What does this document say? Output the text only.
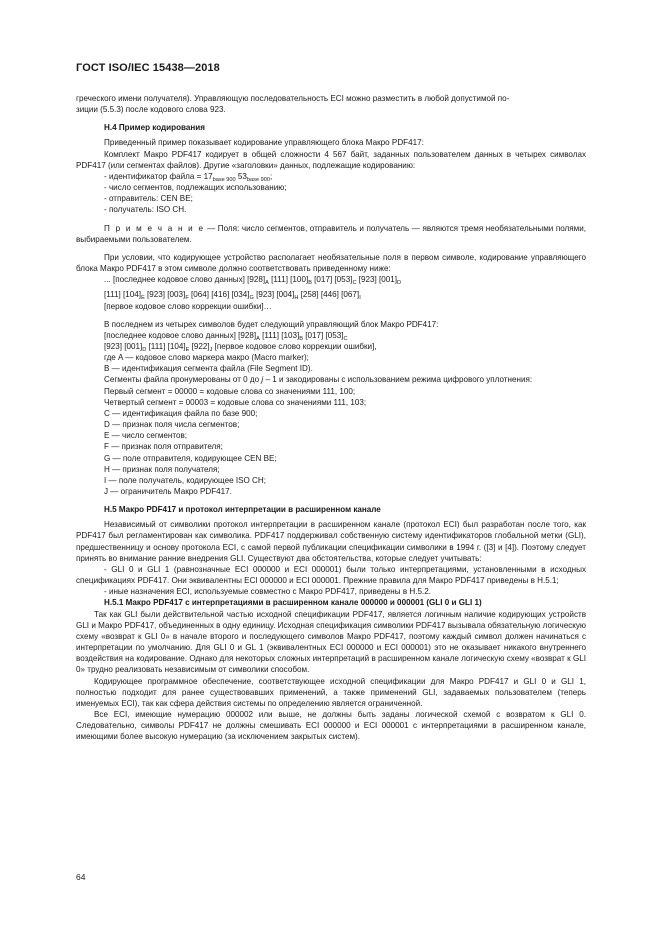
ГОСТ ISO/IEC 15438—2018

греческого имени получателя). Управляющую последовательность ECI можно разместить в любой допустимой по-

зиции (5.5.3) после кодового слова 923.

H.4 Пример кодирования

Приведенный пример показывает кодирование управляющего блока Макро PDF417:

Комплект Макро PDF417 кодирует в общей сложности 4 567 байт, заданных пользователем данных в четырех символах PDF417 (или сегментах файлов). Другие «заголовки» данных, подлежащие кодированию:

- идентификатор файла = $17_{base 900}$ $53_{base 900}$;

- число сегментов, подлежащих использованию;

- отправитель: CEN BE;

- получатель: ISO CH.

П р и м е ч а н и е — Поля: число сегментов, отправитель и получатель — являются тремя необязательными полями, выбираемыми пользователем.

При условии, что кодирующее устройство располагает необязательные поля в первом символе, кодирование управляющего блока Макро PDF417 в этом символе должно соответствовать приведенному ниже:

... [последнее кодовое слово данных] $[928]_A$ [111] $[100]_B$ [017] $[053]_C$ [923] $[001]_D$

[111] $[104]_E$ [923] $[003]_F$ [064] [416] $[034]_G$ [923] $[004]_H$ [258] [446] $[067]_I$

[первое кодовое слово коррекции ошибки]…

В последнем из четырех символов будет следующий управляющий блок Макро PDF417:

[последнее кодовое слово данных] $[928]_A$ [111] $[103]_B$ [017] $[053]_C$

[923] $[001]_D$ [111] $[104]_E$ $[922]_J$ [первое кодовое слово коррекции ошибки],

где A — кодовое слово маркера макро (Macro marker);

B — идентификация сегмента файла (File Segment ID).

Сегменты файла пронумерованы от 0 до j – 1 и закодированы с использованием режима цифрового уплотнения:

Первый сегмент = 00000 = кодовые слова со значениями 111, 100;

Четвертый сегмент = 00003 = кодовые слова со значениями 111, 103;

C — идентификация файла по базе 900;

D — признак поля числа сегментов;

E — число сегментов;

F — признак поля отправителя;

G — поле отправителя, кодирующее CEN BE;

H — признак поля получателя;

I — поле получатель, кодирующее ISO CH;

J — ограничитель Макро PDF417.

H.5 Макро PDF417 и протокол интерпретации в расширенном канале

Независимый от символики протокол интерпретации в расширенном канале (протокол ECI) был разработан после того, как PDF417 был регламентирован как символика. PDF417 поддерживал собственную систему идентификаторов глобальной метки (GLI), предшественницу и основу протокола ECI, с самой первой публикации спецификации символики в 1994 г. ([3] и [4]). Поэтому следует принять во внимание ранние внедрения GLI. Существуют два обстоятельства, которые следует учитывать:

- GLI 0 и GLI 1 (равнозначные ECI 000000 и ECI 000001) были только интерпретациями, установленными в исходных спецификациях PDF417. Они эквивалентны ECI 000000 и ECI 000001. Прежние правила для Макро PDF417 приведены в H.5.1;

- иные назначения ECI, используемые совместно с Макро PDF417, приведены в H.5.2.

H.5.1 Макро PDF417 с интерпретациями в расширенном канале 000000 и 000001 (GLI 0 и GLI 1)

Так как GLI были действительной частью исходной спецификации PDF417, является логичным наличие кодирующих устройств GLI и Макро PDF417, объединенных в одну единицу. Исходная спецификация символики PDF417 вызывала обязательную логическую схему «возврат к GLI 0» в начале второго и последующего символов Макро PDF417, поэтому каждый символ должен начинаться с интерпретации по умолчанию. Для GLI 0 и GL 1 (эквивалентных ECI 000000 и ECI 000001) это не оказывает никакого внутреннего воздействия на кодирование. Однако для некоторых сложных интерпретаций в расширенном канале логическую схему «возврат к GLI 0» трудно реализовать независимым от символики способом.

Кодирующее программное обеспечение, соответствующее исходной спецификации для Макро PDF417 и GLI 0 и GLI 1, полностью подходит для ранее существовавших применений, а также применений GLI, задаваемых пользователем (теперь именуемых ECI), так как сфера действия системы по определению является ограниченной.

Все ECI, имеющие нумерацию 000002 или выше, не должны быть заданы логической схемой с возвратом к GLI 0. Следовательно, символы PDF417 не должны смешивать ECI 000000 и ECI 000001 с интерпретациями в расширенном канале, имеющими более высокую нумерацию (за исключением закрытых систем).

64
